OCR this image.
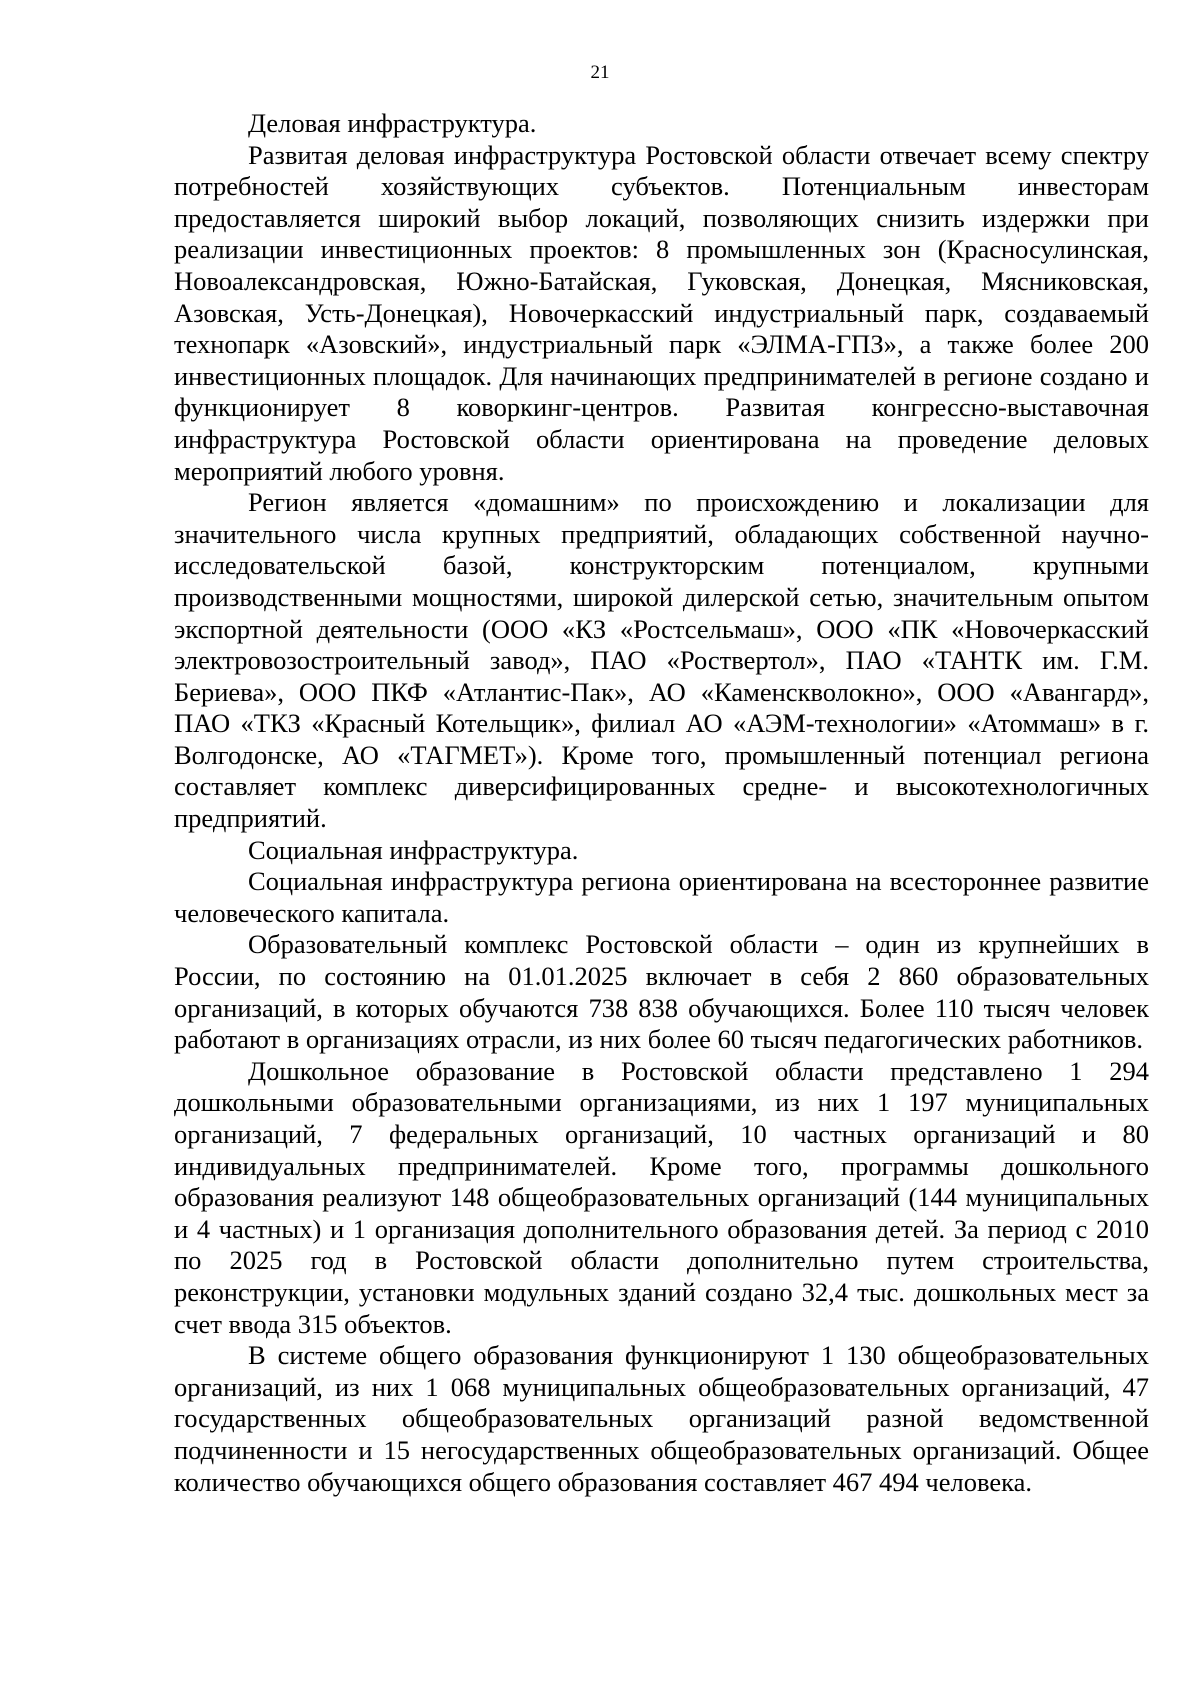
21

Деловая инфраструктура.

Развитая деловая инфраструктура Ростовской области отвечает всему спектру потребностей хозяйствующих субъектов. Потенциальным инвесторам предоставляется широкий выбор локаций, позволяющих снизить издержки при реализации инвестиционных проектов: 8 промышленных зон (Красносулинская, Новоалександровская, Южно-Батайская, Гуковская, Донецкая, Мясниковская, Азовская, Усть-Донецкая), Новочеркасский индустриальный парк, создаваемый технопарк «Азовский», индустриальный парк «ЭЛМА-ГПЗ», а также более 200 инвестиционных площадок. Для начинающих предпринимателей в регионе создано и функционирует 8 коворкинг-центров. Развитая конгрессно-выставочная инфраструктура Ростовской области ориентирована на проведение деловых мероприятий любого уровня.

Регион является «домашним» по происхождению и локализации для значительного числа крупных предприятий, обладающих собственной научно-исследовательской базой, конструкторским потенциалом, крупными производственными мощностями, широкой дилерской сетью, значительным опытом экспортной деятельности (ООО «КЗ «Ростсельмаш», ООО «ПК «Новочеркасский электровозостроительный завод», ПАО «Роствертол», ПАО «ТАНТК им. Г.М. Бериева», ООО ПКФ «Атлантис-Пак», АО «Каменскволокно», ООО «Авангард», ПАО «ТКЗ «Красный Котельщик», филиал АО «АЭМ-технологии» «Атоммаш» в г. Волгодонске, АО «ТАГМЕТ»). Кроме того, промышленный потенциал региона составляет комплекс диверсифицированных средне- и высокотехнологичных предприятий.

Социальная инфраструктура.

Социальная инфраструктура региона ориентирована на всестороннее развитие человеческого капитала.

Образовательный комплекс Ростовской области – один из крупнейших в России, по состоянию на 01.01.2025 включает в себя 2 860 образовательных организаций, в которых обучаются 738 838 обучающихся. Более 110 тысяч человек работают в организациях отрасли, из них более 60 тысяч педагогических работников.

Дошкольное образование в Ростовской области представлено 1 294 дошкольными образовательными организациями, из них 1 197 муниципальных организаций, 7 федеральных организаций, 10 частных организаций и 80 индивидуальных предпринимателей. Кроме того, программы дошкольного образования реализуют 148 общеобразовательных организаций (144 муниципальных и 4 частных) и 1 организация дополнительного образования детей. За период с 2010 по 2025 год в Ростовской области дополнительно путем строительства, реконструкции, установки модульных зданий создано 32,4 тыс. дошкольных мест за счет ввода 315 объектов.

В системе общего образования функционируют 1 130 общеобразовательных организаций, из них 1 068 муниципальных общеобразовательных организаций, 47 государственных общеобразовательных организаций разной ведомственной подчиненности и 15 негосударственных общеобразовательных организаций. Общее количество обучающихся общего образования составляет 467 494 человека.
